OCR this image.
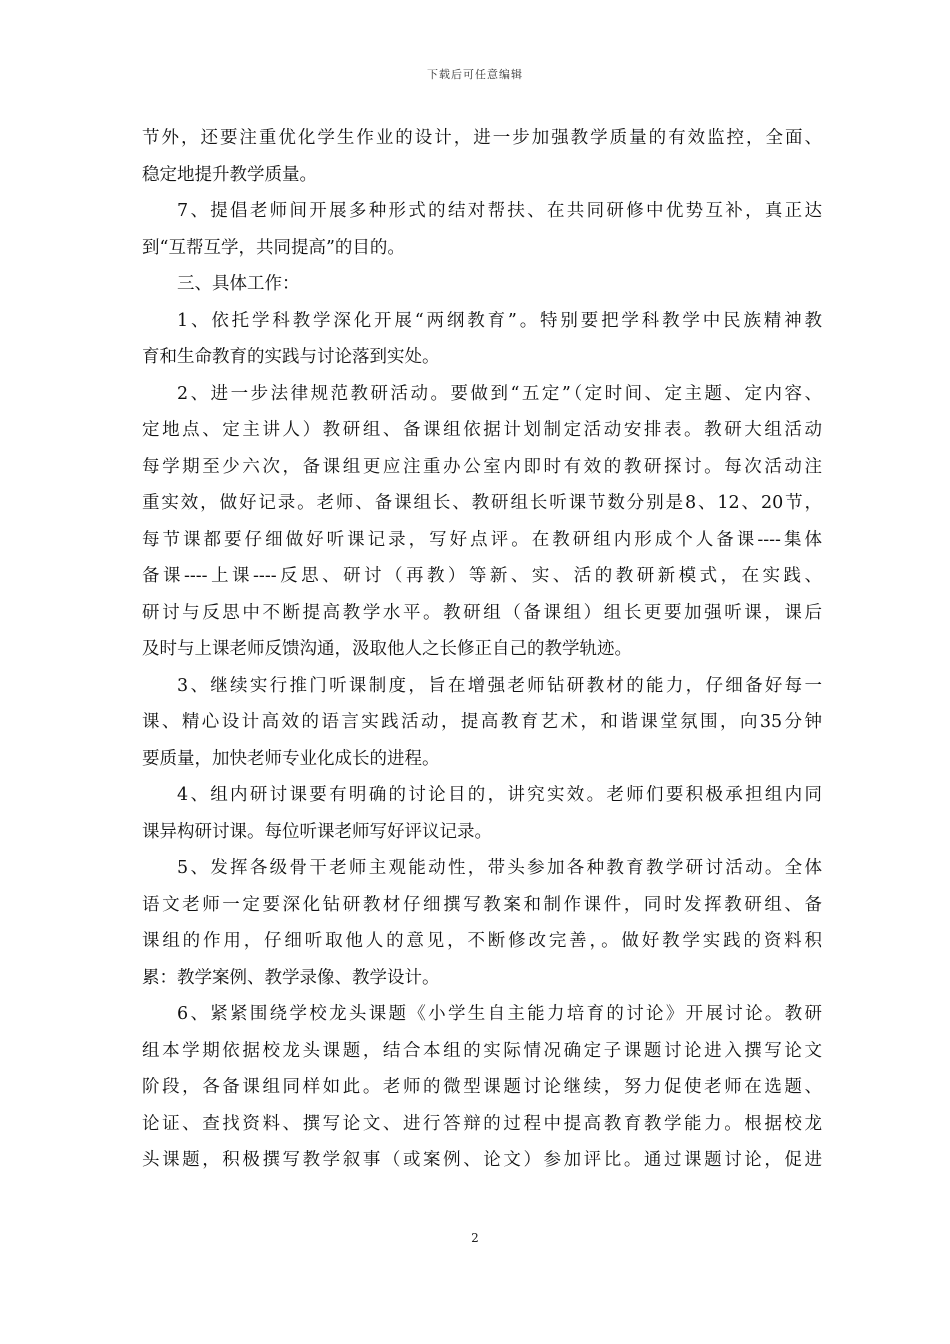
下载后可任意编辑
节外，还要注重优化学生作业的设计，进一步加强教学质量的有效监控，全面、
稳定地提升教学质量。
7、提倡老师间开展多种形式的结对帮扶、在共同研修中优势互补，真正达
到“互帮互学，共同提高”的目的。
三、具体工作：
1、依托学科教学深化开展“两纲教育”。特别要把学科教学中民族精神教
育和生命教育的实践与讨论落到实处。
2、进一步法律规范教研活动。要做到“五定”（定时间、定主题、定内容、
定地点、定主讲人）教研组、备课组依据计划制定活动安排表。教研大组活动
每学期至少六次，备课组更应注重办公室内即时有效的教研探讨。每次活动注
重实效，做好记录。老师、备课组长、教研组长听课节数分别是8、12、20节，
每节课都要仔细做好听课记录，写好点评。在教研组内形成个人备课----集体
备课----上课----反思、研讨（再教）等新、实、活的教研新模式，在实践、
研讨与反思中不断提高教学水平。教研组（备课组）组长更要加强听课，课后
及时与上课老师反馈沟通，汲取他人之长修正自己的教学轨迹。
3、继续实行推门听课制度，旨在增强老师钻研教材的能力，仔细备好每一
课、精心设计高效的语言实践活动，提高教育艺术，和谐课堂氛围，向35分钟
要质量，加快老师专业化成长的进程。
4、组内研讨课要有明确的讨论目的，讲究实效。老师们要积极承担组内同
课异构研讨课。每位听课老师写好评议记录。
5、发挥各级骨干老师主观能动性，带头参加各种教育教学研讨活动。全体
语文老师一定要深化钻研教材仔细撰写教案和制作课件，同时发挥教研组、备
课组的作用，仔细听取他人的意见，不断修改完善，。做好教学实践的资料积
累：教学案例、教学录像、教学设计。
6、紧紧围绕学校龙头课题《小学生自主能力培育的讨论》开展讨论。教研
组本学期依据校龙头课题，结合本组的实际情况确定子课题讨论进入撰写论文
阶段，各备课组同样如此。老师的微型课题讨论继续，努力促使老师在选题、
论证、查找资料、撰写论文、进行答辩的过程中提高教育教学能力。根据校龙
头课题，积极撰写教学叙事（或案例、论文）参加评比。通过课题讨论，促进
2
